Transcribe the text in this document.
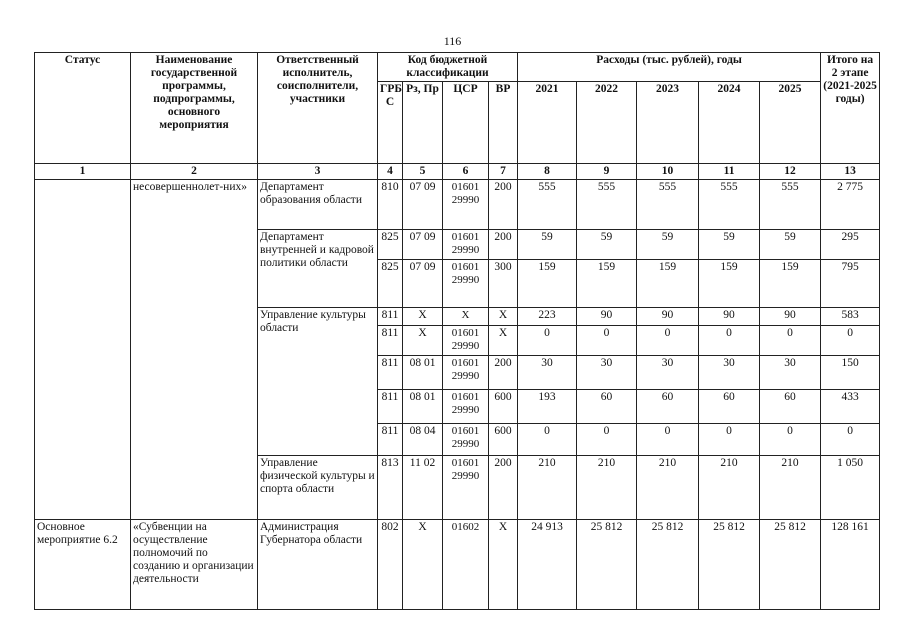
116
Статус	Наименование государственной программы, подпрограммы, основного мероприятия	Ответственный исполнитель, соисполнители, участники	Код бюджетной классификации				Расходы (тыс. рублей), годы					Итого на 2 этапе (2021-2025 годы)
			ГРБ С	Рз, Пр	ЦСР	ВР	2021	2022	2023	2024	2025	
1	2	3	4	5	6	7	8	9	10	11	12	13
	несовершеннолет-них»	Департамент образования области	810	07 09	01601 29990	200	555	555	555	555	555	2 775
		Департамент внутренней и кадровой политики области	825	07 09	01601 29990	200	59	59	59	59	59	295
			825	07 09	01601 29990	300	159	159	159	159	159	795
		Управление культуры области	811	X	X	X	223	90	90	90	90	583
			811	X	01601 29990	X	0	0	0	0	0	0
			811	08 01	01601 29990	200	30	30	30	30	30	150
			811	08 01	01601 29990	600	193	60	60	60	60	433
			811	08 04	01601 29990	600	0	0	0	0	0	0
		Управление физической культуры и спорта области	813	11 02	01601 29990	200	210	210	210	210	210	1 050

Основное мероприятие 6.2	«Субвенции на осуществление полномочий по созданию и организации деятельности	Администрация Губернатора области	802	X	01602	X	24 913	25 812	25 812	25 812	25 812	128 161
